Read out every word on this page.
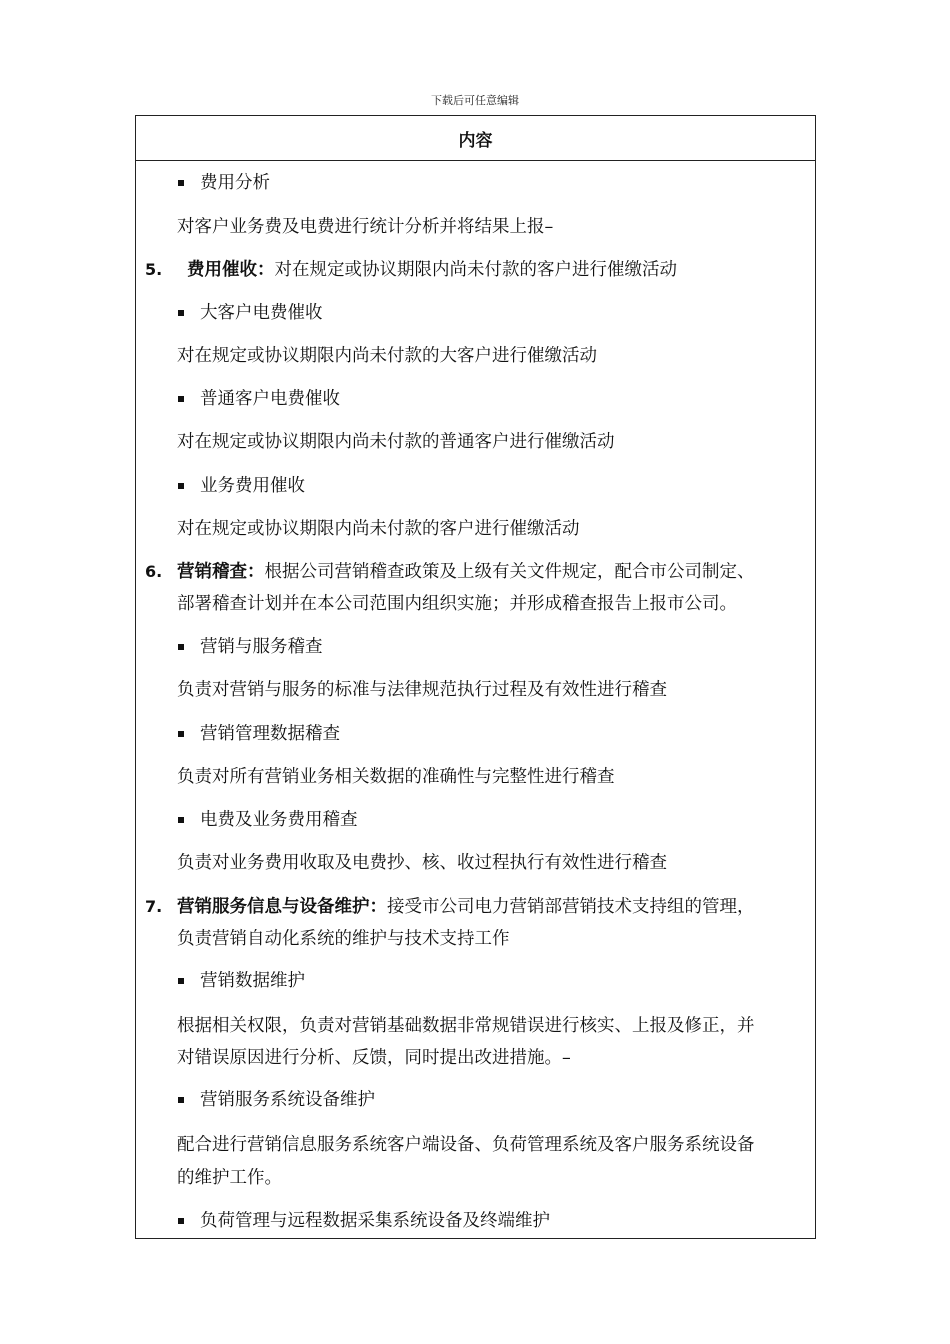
下载后可任意编辑
内容
费用分析
对客户业务费及电费进行统计分析并将结果上报–
5. 费用催收：对在规定或协议期限内尚未付款的客户进行催缴活动
大客户电费催收
对在规定或协议期限内尚未付款的大客户进行催缴活动
普通客户电费催收
对在规定或协议期限内尚未付款的普通客户进行催缴活动
业务费用催收
对在规定或协议期限内尚未付款的客户进行催缴活动
6. 营销稽查：根据公司营销稽查政策及上级有关文件规定，配合市公司制定、
部署稽查计划并在本公司范围内组织实施；并形成稽查报告上报市公司。
营销与服务稽查
负责对营销与服务的标准与法律规范执行过程及有效性进行稽查
营销管理数据稽查
负责对所有营销业务相关数据的准确性与完整性进行稽查
电费及业务费用稽查
负责对业务费用收取及电费抄、核、收过程执行有效性进行稽查
7. 营销服务信息与设备维护：接受市公司电力营销部营销技术支持组的管理，
负责营销自动化系统的维护与技术支持工作
营销数据维护
根据相关权限，负责对营销基础数据非常规错误进行核实、上报及修正，并
对错误原因进行分析、反馈，同时提出改进措施。–
营销服务系统设备维护
配合进行营销信息服务系统客户端设备、负荷管理系统及客户服务系统设备
的维护工作。
负荷管理与远程数据采集系统设备及终端维护
